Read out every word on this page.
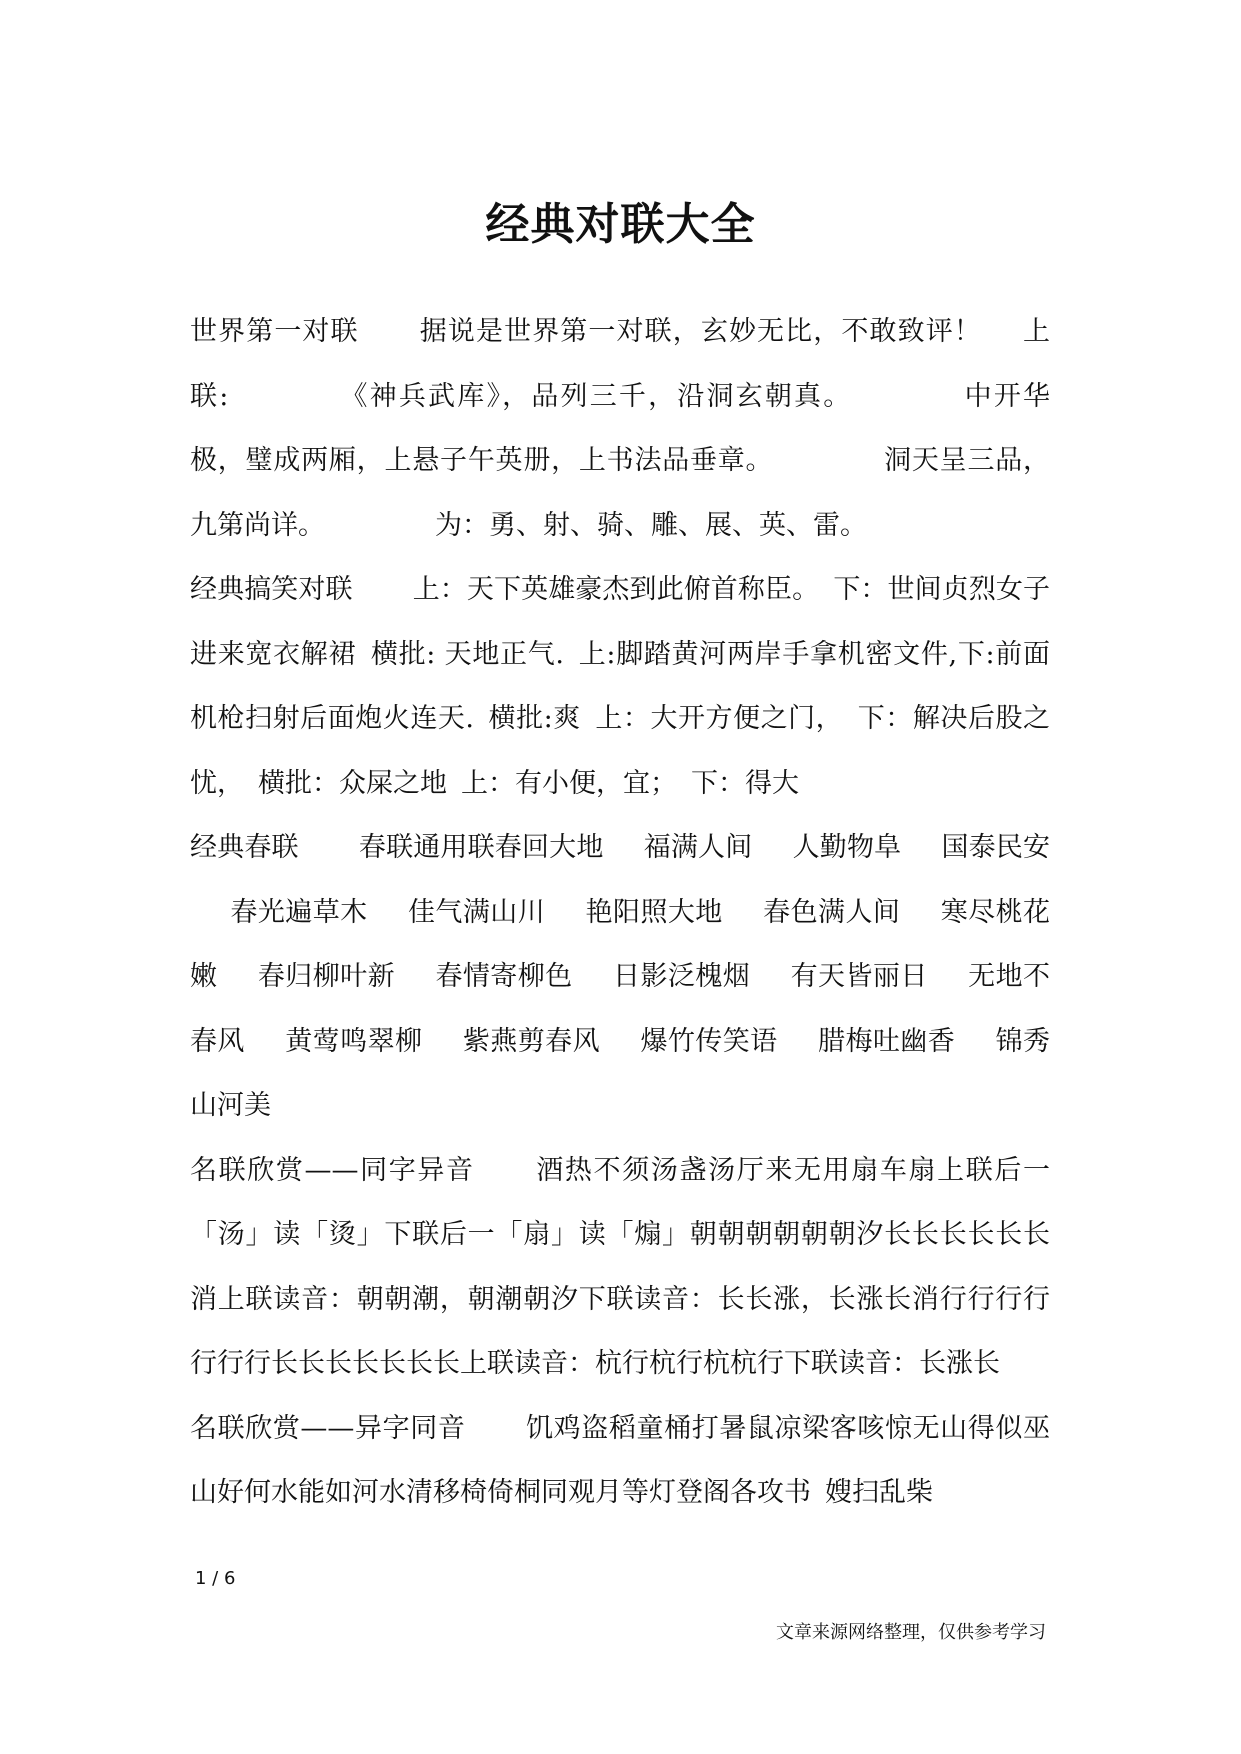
经典对联大全

世界第一对联 据说是世界第一对联，玄妙无比，不敢致评！ 上联:	《神兵武库》，品列三千，沿洞玄朝真。	中开华极，璧成两厢，上悬子午英册，上书法品垂章。	洞天呈三品，九第尚详。	为：勇、射、骑、雕、展、英、雷。

经典搞笑对联 上：天下英雄豪杰到此俯首称臣。 下：世间贞烈女子进来宽衣解裙 横批: 天地正气. 上:脚踏黄河两岸手拿机密文件,下:前面机枪扫射后面炮火连天. 横批:爽 上：大开方便之门， 下：解决后股之忧， 横批：众屎之地 上：有小便，宜； 下：得大

经典春联 春联通用联春回大地 福满人间 人勤物阜 国泰民安春光遍草木 佳气满山川 艳阳照大地 春色满人间 寒尽桃花嫩 春归柳叶新 春情寄柳色 日影泛槐烟 有天皆丽日 无地不春风 黄莺鸣翠柳 紫燕剪春风 爆竹传笑语 腊梅吐幽香 锦秀山河美

名联欣赏——同字异音 酒热不须汤盏汤厅来无用扇车扇上联后一「汤」读「烫」下联后一「扇」读「煽」朝朝朝朝朝朝汐长长长长长长消上联读音：朝朝潮，朝潮朝汐下联读音：长长涨，长涨长消行行行行行行行长长长长长长长上联读音：杭行杭行杭杭行下联读音：长涨长

名联欣赏——异字同音 饥鸡盗稻童桶打暑鼠凉梁客咳惊无山得似巫山好何水能如河水清移椅倚桐同观月等灯登阁各攻书 嫂扫乱柴

1 / 6
文章来源网络整理，仅供参考学习
